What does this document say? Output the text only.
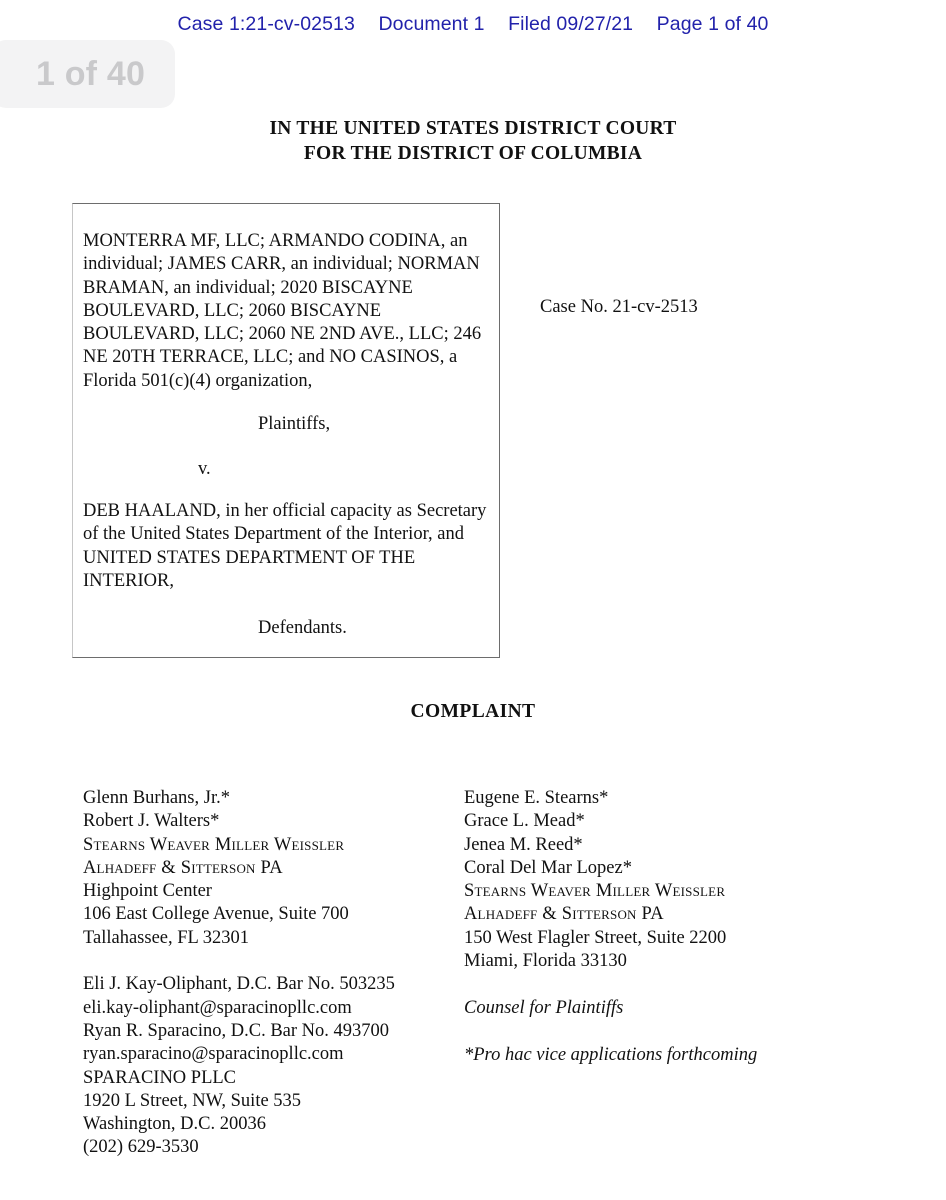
Case 1:21-cv-02513 Document 1 Filed 09/27/21 Page 1 of 40
1 of 40
IN THE UNITED STATES DISTRICT COURT
FOR THE DISTRICT OF COLUMBIA
MONTERRA MF, LLC; ARMANDO CODINA, an individual; JAMES CARR, an individual; NORMAN BRAMAN, an individual; 2020 BISCAYNE BOULEVARD, LLC; 2060 BISCAYNE BOULEVARD, LLC; 2060 NE 2ND AVE., LLC; 246 NE 20TH TERRACE, LLC; and NO CASINOS, a Florida 501(c)(4) organization,
Plaintiffs,
v.
DEB HAALAND, in her official capacity as Secretary of the United States Department of the Interior, and UNITED STATES DEPARTMENT OF THE INTERIOR,
Defendants.
Case No. 21-cv-2513
COMPLAINT
Glenn Burhans, Jr.*
Robert J. Walters*
Stearns Weaver Miller Weissler
Alhadeff & Sitterson PA
Highpoint Center
106 East College Avenue, Suite 700
Tallahassee, FL 32301
Eli J. Kay-Oliphant, D.C. Bar No. 503235
eli.kay-oliphant@sparacinopllc.com
Ryan R. Sparacino, D.C. Bar No. 493700
ryan.sparacino@sparacinopllc.com
SPARACINO PLLC
1920 L Street, NW, Suite 535
Washington, D.C. 20036
(202) 629-3530
Eugene E. Stearns*
Grace L. Mead*
Jenea M. Reed*
Coral Del Mar Lopez*
Stearns Weaver Miller Weissler
Alhadeff & Sitterson PA
150 West Flagler Street, Suite 2200
Miami, Florida 33130
Counsel for Plaintiffs
*Pro hac vice applications forthcoming
